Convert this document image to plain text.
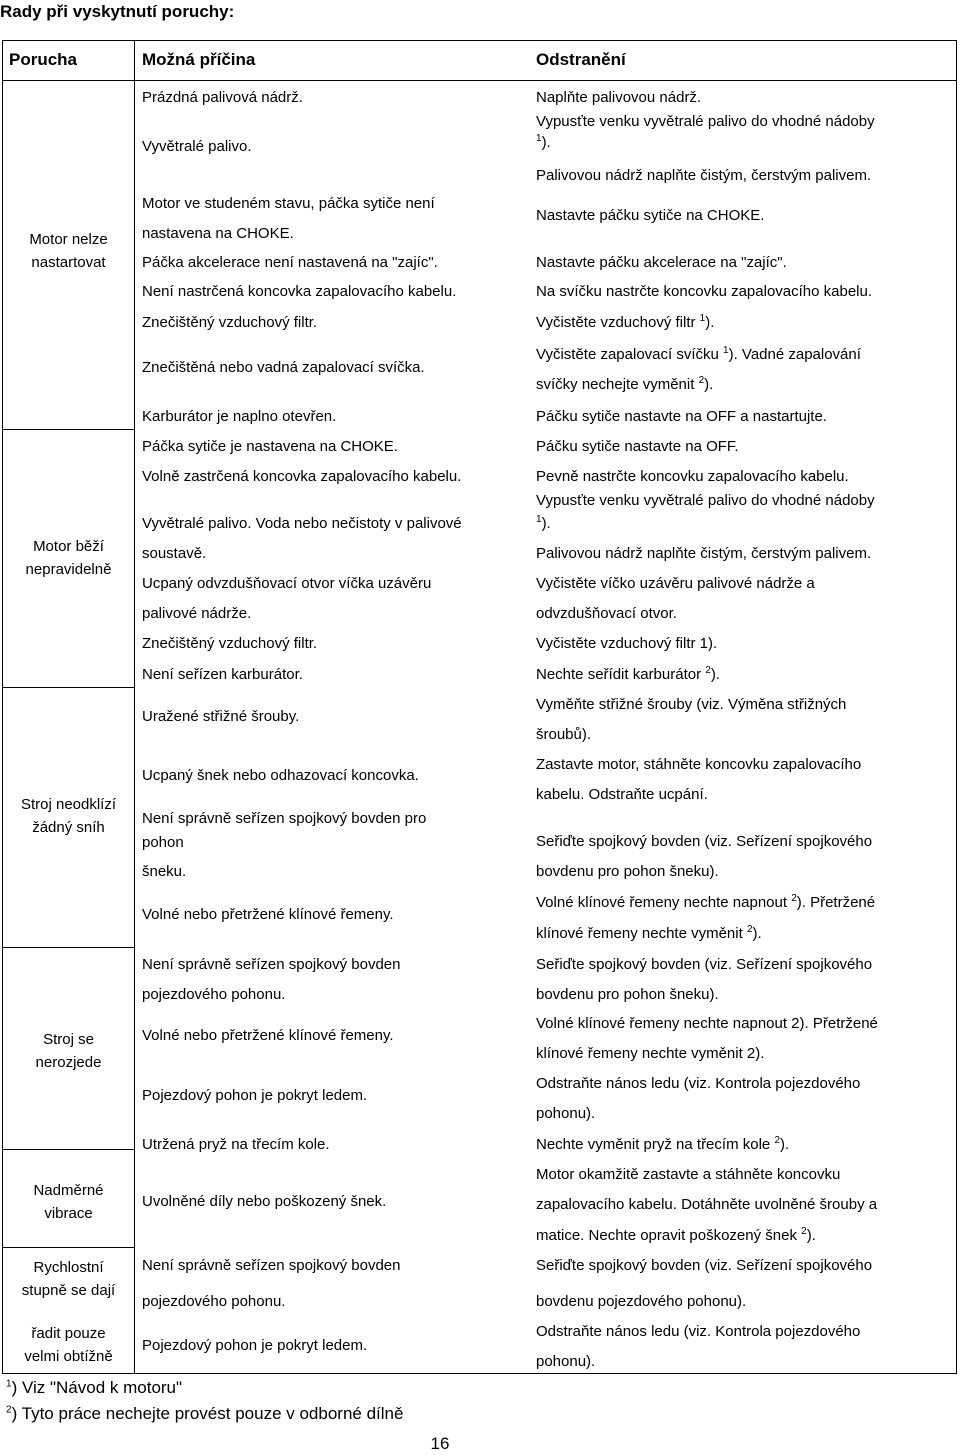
Rady při vyskytnutí poruchy:
Porucha	Možná příčina	Odstranění
Motor nelze
nastartovat
Motor běží
nepravidelně
Stroj neodklízí
žádný sníh
Stroj se
nerozjede
Nadměrné
vibrace
Rychlostní
stupně se dají
řadit pouze
velmi obtížně
Prázdná palivová nádrž.
Vyvětralé palivo.
Motor ve studeném stavu, páčka sytiče není
nastavena na CHOKE.
Páčka akcelerace není nastavená na "zajíc".
Není nastrčená koncovka zapalovacího kabelu.
Znečištěný vzduchový filtr.
Znečištěná nebo vadná zapalovací svíčka.
Karburátor je naplno otevřen.
Páčka sytiče je nastavena na CHOKE.
Volně zastrčená koncovka zapalovacího kabelu.
Vyvětralé palivo. Voda nebo nečistoty v palivové
soustavě.
Ucpaný odvzdušňovací otvor víčka uzávěru
palivové nádrže.
Znečištěný vzduchový filtr.
Není seřízen karburátor.
Uražené střižné šrouby.
Ucpaný šnek nebo odhazovací koncovka.
Není správně seřízen spojkový bovden pro
pohon
šneku.
Volné nebo přetržené klínové řemeny.
Není správně seřízen spojkový bovden
pojezdového pohonu.
Volné nebo přetržené klínové řemeny.
Pojezdový pohon je pokryt ledem.
Utržená pryž na třecím kole.
Uvolněné díly nebo poškozený šnek.
Není správně seřízen spojkový bovden
pojezdového pohonu.
Pojezdový pohon je pokryt ledem.
Naplňte palivovou nádrž.
Vypusťte venku vyvětralé palivo do vhodné nádoby
$^1$).
Palivovou nádrž naplňte čistým, čerstvým palivem.
Nastavte páčku sytiče na CHOKE.
Nastavte páčku akcelerace na "zajíc".
Na svíčku nastrčte koncovku zapalovacího kabelu.
Vyčistěte vzduchový filtr $^1$).
Vyčistěte zapalovací svíčku $^1$). Vadné zapalování
svíčky nechejte vyměnit $^2$).
Páčku sytiče nastavte na OFF a nastartujte.
Páčku sytiče nastavte na OFF.
Pevně nastrčte koncovku zapalovacího kabelu.
Vypusťte venku vyvětralé palivo do vhodné nádoby
$^1$).
Palivovou nádrž naplňte čistým, čerstvým palivem.
Vyčistěte víčko uzávěru palivové nádrže a
odvzdušňovací otvor.
Vyčistěte vzduchový filtr 1).
Nechte seřídit karburátor $^2$).
Vyměňte střižné šrouby (viz. Výměna střižných
šroubů).
Zastavte motor, stáhněte koncovku zapalovacího
kabelu. Odstraňte ucpání.
Seřiďte spojkový bovden (viz. Seřízení spojkového
bovdenu pro pohon šneku).
Volné klínové řemeny nechte napnout $^2$). Přetržené
klínové řemeny nechte vyměnit $^2$).
Seřiďte spojkový bovden (viz. Seřízení spojkového
bovdenu pro pohon šneku).
Volné klínové řemeny nechte napnout 2). Přetržené
klínové řemeny nechte vyměnit 2).
Odstraňte nános ledu (viz. Kontrola pojezdového
pohonu).
Nechte vyměnit pryž na třecím kole $^2$).
Motor okamžitě zastavte a stáhněte koncovku
zapalovacího kabelu. Dotáhněte uvolněné šrouby a
matice. Nechte opravit poškozený šnek $^2$).
Seřiďte spojkový bovden (viz. Seřízení spojkového
bovdenu pojezdového pohonu).
Odstraňte nános ledu (viz. Kontrola pojezdového
pohonu).
$^1$) Viz "Návod k motoru"
$^2$) Tyto práce nechejte provést pouze v odborné dílně
16
